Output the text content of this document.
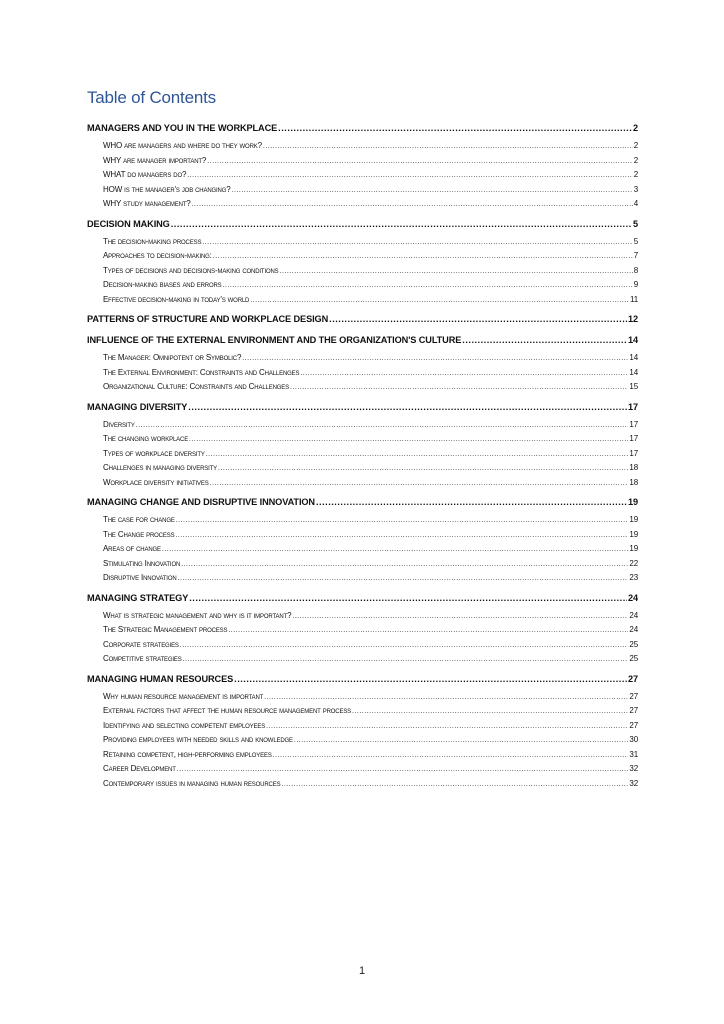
Table of Contents
MANAGERS AND YOU IN THE WORKPLACE .....	2
WHO are managers and where do they work? .....	2
WHY are manager important? .....	2
WHAT do managers do? .....	2
HOW is the manager's job changing? .....	3
WHY study management? .....	4
DECISION MAKING .....	5
The decision-making process .....	5
Approaches to decision-making: .....	7
Types of decisions and decisions-making conditions .....	8
Decision-making biases and errors .....	9
Effective decision-making in today's world .....	11
PATTERNS OF STRUCTURE AND WORKPLACE DESIGN .....	12
INFLUENCE OF THE EXTERNAL ENVIRONMENT AND THE ORGANIZATION'S CULTURE .....	14
The Manager: Omnipotent or Symbolic? .....	14
The External Environment: Constraints and Challenges .....	14
Organizational Culture: Constraints and Challenges .....	15
MANAGING DIVERSITY .....	17
Diversity .....	17
The changing workplace .....	17
Types of workplace diversity .....	17
Challenges in managing diversity .....	18
Workplace diversity initiatives .....	18
MANAGING CHANGE AND DISRUPTIVE INNOVATION .....	19
The case for change .....	19
The Change process .....	19
Areas of change .....	19
Stimulating Innovation .....	22
Disruptive Innovation .....	23
MANAGING STRATEGY .....	24
What is strategic management and why is it important? .....	24
The Strategic Management process .....	24
Corporate strategies .....	25
Competitive strategies .....	25
MANAGING HUMAN RESOURCES .....	27
Why human resource management is important .....	27
External factors that affect the human resource management process .....	27
Identifying and selecting competent employees .....	27
Providing employees with needed skills and knowledge .....	30
Retaining competent, high-performing employees .....	31
Career Development .....	32
Contemporary issues in managing human resources .....	32
1
